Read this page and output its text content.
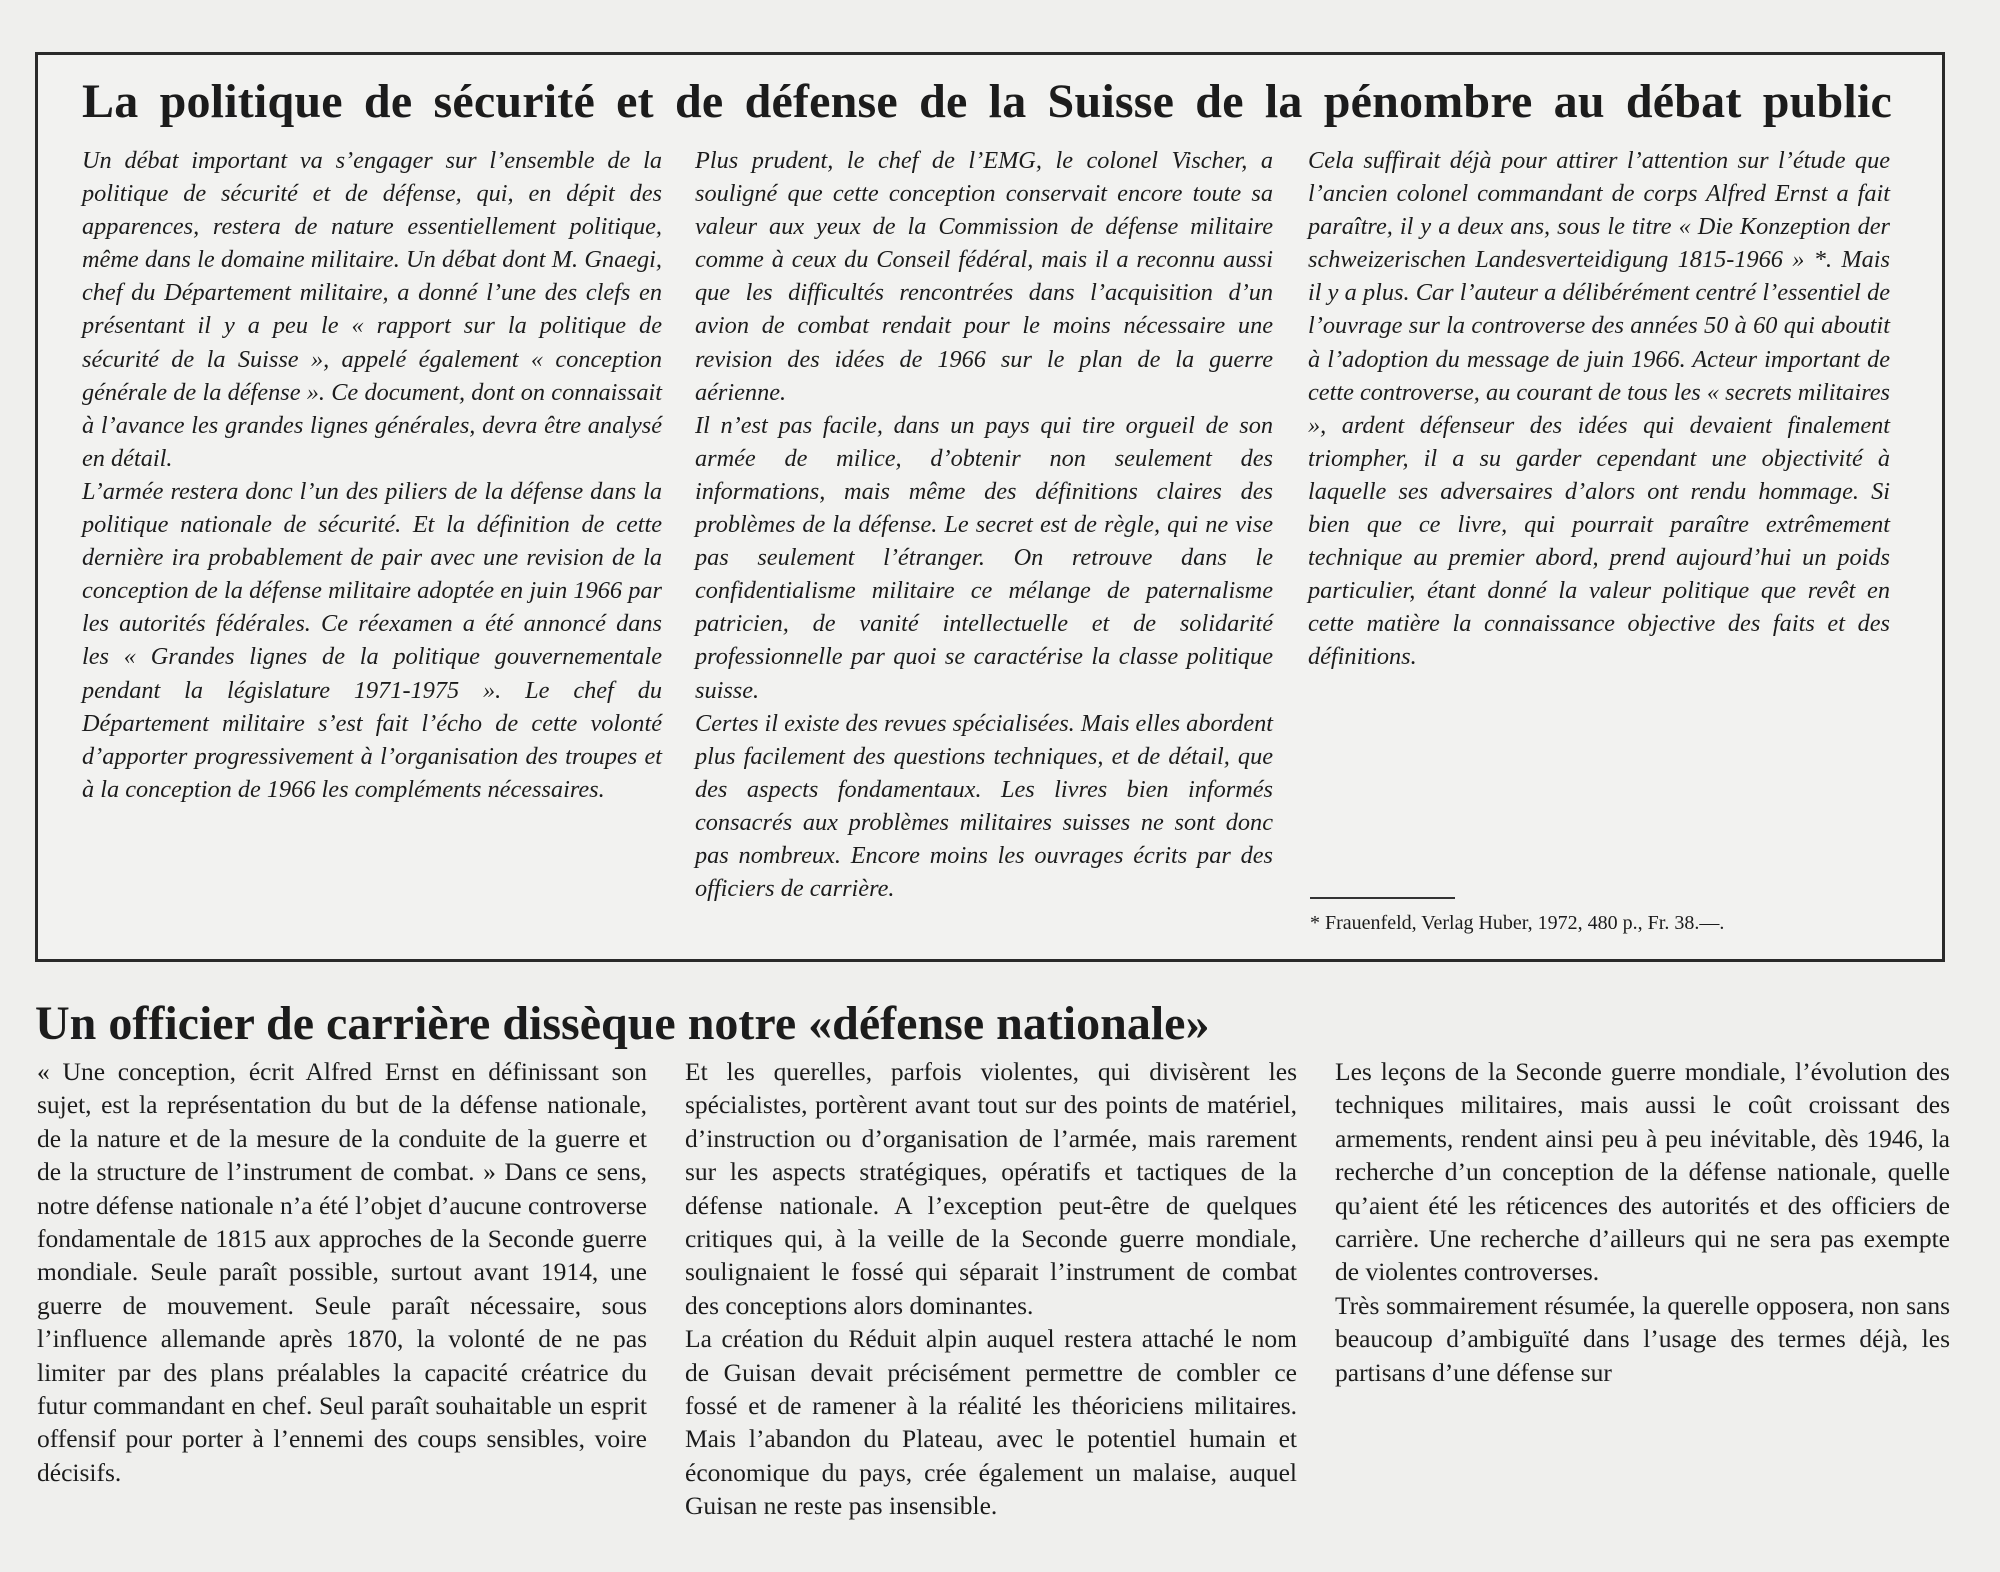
La politique de sécurité et de défense de la Suisse de la pénombre au débat public

Un débat important va s’engager sur l’ensemble de la politique de sécurité et de défense, qui, en dépit des apparences, restera de nature essentiellement politique, même dans le domaine militaire. Un débat dont M. Gnaegi, chef du Département militaire, a donné l’une des clefs en présentant il y a peu le « rapport sur la politique de sécurité de la Suisse », appelé également « conception générale de la défense ». Ce document, dont on connaissait à l’avance les grandes lignes générales, devra être analysé en détail.

L’armée restera donc l’un des piliers de la défense dans la politique nationale de sécurité. Et la définition de cette dernière ira probablement de pair avec une revision de la conception de la défense militaire adoptée en juin 1966 par les autorités fédérales. Ce réexamen a été annoncé dans les « Grandes lignes de la politique gouvernementale pendant la législature 1971-1975 ». Le chef du Département militaire s’est fait l’écho de cette volonté d’apporter progressivement à l’organisation des troupes et à la conception de 1966 les compléments nécessaires.

Plus prudent, le chef de l’EMG, le colonel Vischer, a souligné que cette conception conservait encore toute sa valeur aux yeux de la Commission de défense militaire comme à ceux du Conseil fédéral, mais il a reconnu aussi que les difficultés rencontrées dans l’acquisition d’un avion de combat rendait pour le moins nécessaire une revision des idées de 1966 sur le plan de la guerre aérienne.

Il n’est pas facile, dans un pays qui tire orgueil de son armée de milice, d’obtenir non seulement des informations, mais même des définitions claires des problèmes de la défense. Le secret est de règle, qui ne vise pas seulement l’étranger. On retrouve dans le confidentialisme militaire ce mélange de paternalisme patricien, de vanité intellectuelle et de solidarité professionnelle par quoi se caractérise la classe politique suisse.

Certes il existe des revues spécialisées. Mais elles abordent plus facilement des questions techniques, et de détail, que des aspects fondamentaux. Les livres bien informés consacrés aux problèmes militaires suisses ne sont donc pas nombreux. Encore moins les ouvrages écrits par des officiers de carrière.

Cela suffirait déjà pour attirer l’attention sur l’étude que l’ancien colonel commandant de corps Alfred Ernst a fait paraître, il y a deux ans, sous le titre « Die Konzeption der schweizerischen Landesverteidigung 1815-1966 » *. Mais il y a plus. Car l’auteur a délibérément centré l’essentiel de l’ouvrage sur la controverse des années 50 à 60 qui aboutit à l’adoption du message de juin 1966. Acteur important de cette controverse, au courant de tous les « secrets militaires », ardent défenseur des idées qui devaient finalement triompher, il a su garder cependant une objectivité à laquelle ses adversaires d’alors ont rendu hommage. Si bien que ce livre, qui pourrait paraître extrêmement technique au premier abord, prend aujourd’hui un poids particulier, étant donné la valeur politique que revêt en cette matière la connaissance objective des faits et des définitions.

* Frauenfeld, Verlag Huber, 1972, 480 p., Fr. 38.—.
Un officier de carrière dissèque notre «défense nationale»

« Une conception, écrit Alfred Ernst en définissant son sujet, est la représentation du but de la défense nationale, de la nature et de la mesure de la conduite de la guerre et de la structure de l’instrument de combat. » Dans ce sens, notre défense nationale n’a été l’objet d’aucune controverse fondamentale de 1815 aux approches de la Seconde guerre mondiale. Seule paraît possible, surtout avant 1914, une guerre de mouvement. Seule paraît nécessaire, sous l’influence allemande après 1870, la volonté de ne pas limiter par des plans préalables la capacité créatrice du futur commandant en chef. Seul paraît souhaitable un esprit offensif pour porter à l’ennemi des coups sensibles, voire décisifs.

Et les querelles, parfois violentes, qui divisèrent les spécialistes, portèrent avant tout sur des points de matériel, d’instruction ou d’organisation de l’armée, mais rarement sur les aspects stratégiques, opératifs et tactiques de la défense nationale. A l’exception peut-être de quelques critiques qui, à la veille de la Seconde guerre mondiale, soulignaient le fossé qui séparait l’instrument de combat des conceptions alors dominantes.

La création du Réduit alpin auquel restera attaché le nom de Guisan devait précisément permettre de combler ce fossé et de ramener à la réalité les théoriciens militaires. Mais l’abandon du Plateau, avec le potentiel humain et économique du pays, crée également un malaise, auquel Guisan ne reste pas insensible.

Les leçons de la Seconde guerre mondiale, l’évolution des techniques militaires, mais aussi le coût croissant des armements, rendent ainsi peu à peu inévitable, dès 1946, la recherche d’un conception de la défense nationale, quelle qu’aient été les réticences des autorités et des officiers de carrière. Une recherche d’ailleurs qui ne sera pas exempte de violentes controverses.

Très sommairement résumée, la querelle opposera, non sans beaucoup d’ambiguïté dans l’usage des termes déjà, les partisans d’une défense sur
